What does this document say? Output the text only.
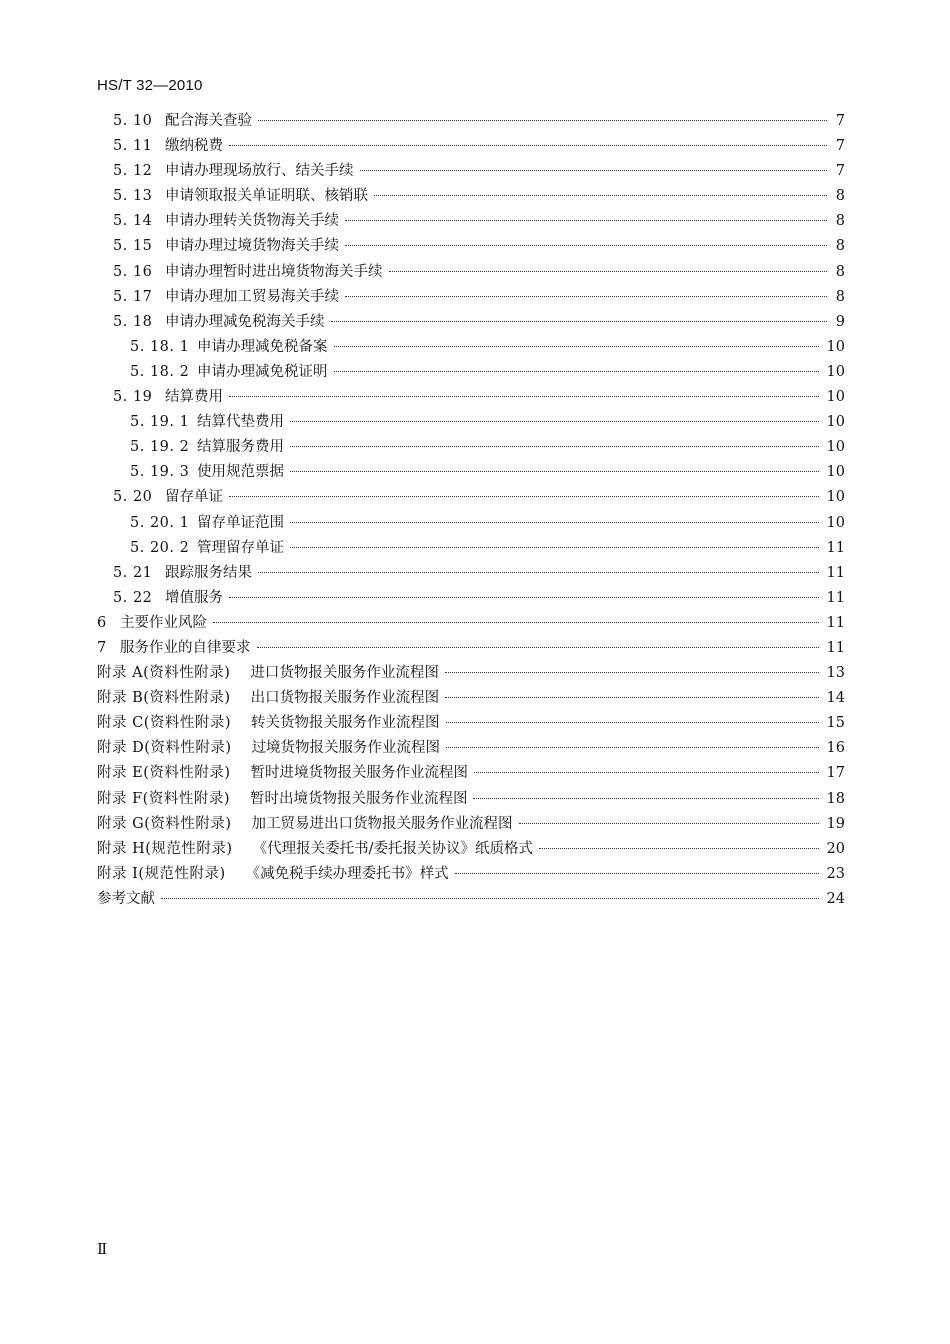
HS/T 32—2010
5. 10 配合海关查验	7
5. 11 缴纳税费	7
5. 12 申请办理现场放行、结关手续	7
5. 13 申请领取报关单证明联、核销联	8
5. 14 申请办理转关货物海关手续	8
5. 15 申请办理过境货物海关手续	8
5. 16 申请办理暂时进出境货物海关手续	8
5. 17 申请办理加工贸易海关手续	8
5. 18 申请办理减免税海关手续	9
5. 18. 1 申请办理减免税备案	10
5. 18. 2 申请办理减免税证明	10
5. 19 结算费用	10
5. 19. 1 结算代垫费用	10
5. 19. 2 结算服务费用	10
5. 19. 3 使用规范票据	10
5. 20 留存单证	10
5. 20. 1 留存单证范围	10
5. 20. 2 管理留存单证	11
5. 21 跟踪服务结果	11
5. 22 增值服务	11
6 主要作业风险	11
7 服务作业的自律要求	11
附录 A(资料性附录) 进口货物报关服务作业流程图	13
附录 B(资料性附录) 出口货物报关服务作业流程图	14
附录 C(资料性附录) 转关货物报关服务作业流程图	15
附录 D(资料性附录) 过境货物报关服务作业流程图	16
附录 E(资料性附录) 暂时进境货物报关服务作业流程图	17
附录 F(资料性附录) 暂时出境货物报关服务作业流程图	18
附录 G(资料性附录) 加工贸易进出口货物报关服务作业流程图	19
附录 H(规范性附录) 《代理报关委托书/委托报关协议》纸质格式	20
附录 I(规范性附录) 《减免税手续办理委托书》样式	23
参考文献	24
Ⅱ
